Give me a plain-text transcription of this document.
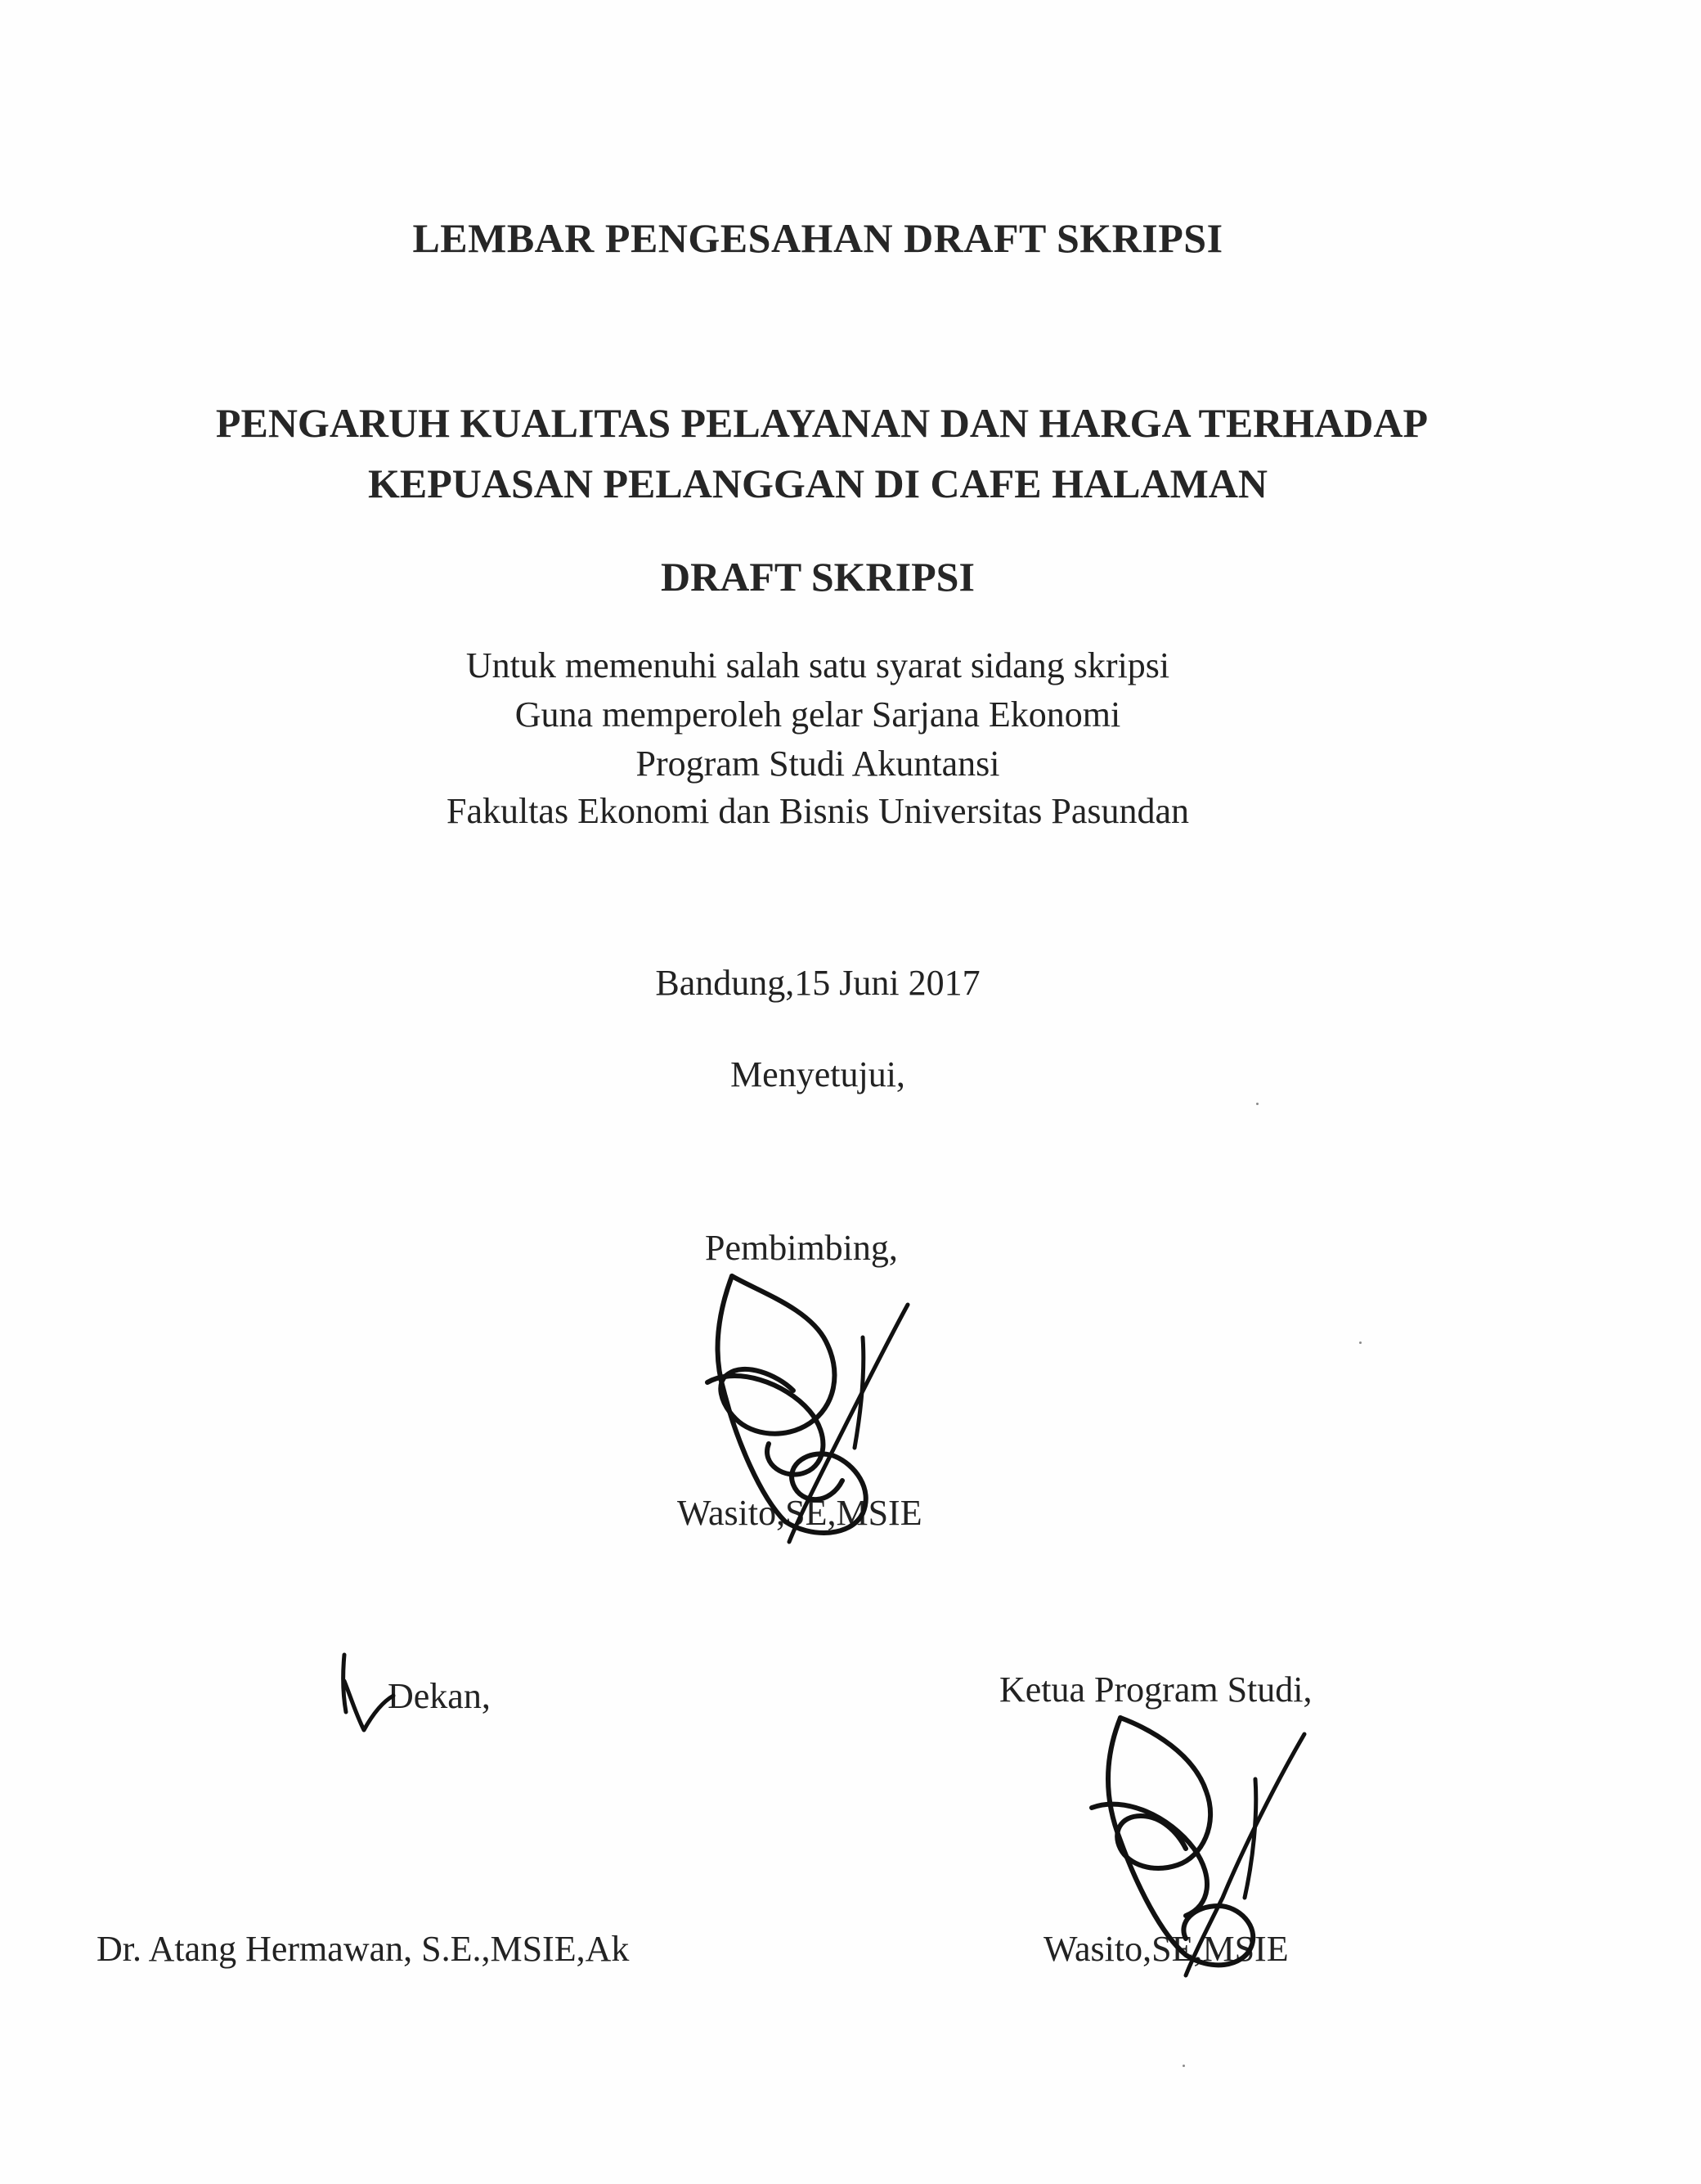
LEMBAR PENGESAHAN DRAFT SKRIPSI
PENGARUH KUALITAS PELAYANAN DAN HARGA TERHADAP
KEPUASAN PELANGGAN DI CAFE HALAMAN
DRAFT SKRIPSI
Untuk memenuhi salah satu syarat sidang skripsi
Guna memperoleh gelar Sarjana Ekonomi
Program Studi Akuntansi
Fakultas Ekonomi dan Bisnis Universitas Pasundan
Bandung,15 Juni 2017
Menyetujui,
Pembimbing,
Wasito,SE,MSIE
Dekan,
Dr. Atang Hermawan, S.E.,MSIE,Ak
Ketua Program Studi,
Wasito,SE,MSIE
